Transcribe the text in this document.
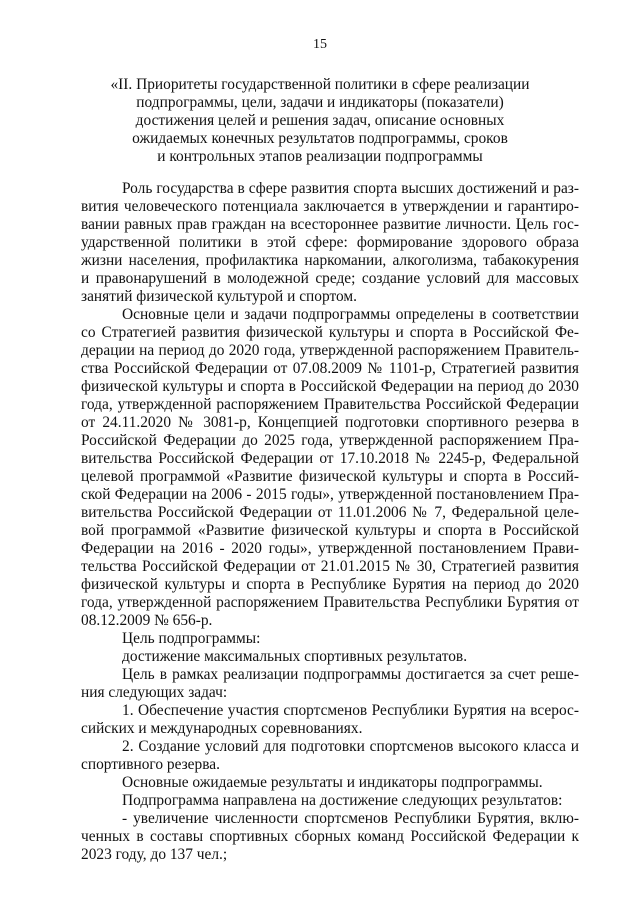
15
«II. Приоритеты государственной политики в сфере реализации
подпрограммы, цели, задачи и индикаторы (показатели)
достижения целей и решения задач, описание основных
ожидаемых конечных результатов подпрограммы, сроков
и контрольных этапов реализации подпрограммы
Роль государства в сфере развития спорта высших достижений и раз-
вития человеческого потенциала заключается в утверждении и гарантиро-
вании равных прав граждан на всестороннее развитие личности. Цель гос-
ударственной политики в этой сфере: формирование здорового образа
жизни населения, профилактика наркомании, алкоголизма, табакокурения
и правонарушений в молодежной среде; создание условий для массовых
занятий физической культурой и спортом.
Основные цели и задачи подпрограммы определены в соответствии
со Стратегией развития физической культуры и спорта в Российской Фе-
дерации на период до 2020 года, утвержденной распоряжением Правитель-
ства Российской Федерации от 07.08.2009 № 1101-р, Стратегией развития
физической культуры и спорта в Российской Федерации на период до 2030
года, утвержденной распоряжением Правительства Российской Федерации
от 24.11.2020 № 3081-р, Концепцией подготовки спортивного резерва в
Российской Федерации до 2025 года, утвержденной распоряжением Пра-
вительства Российской Федерации от 17.10.2018 № 2245-р, Федеральной
целевой программой «Развитие физической культуры и спорта в Россий-
ской Федерации на 2006 - 2015 годы», утвержденной постановлением Пра-
вительства Российской Федерации от 11.01.2006 № 7, Федеральной целе-
вой программой «Развитие физической культуры и спорта в Российской
Федерации на 2016 - 2020 годы», утвержденной постановлением Прави-
тельства Российской Федерации от 21.01.2015 № 30, Стратегией развития
физической культуры и спорта в Республике Бурятия на период до 2020
года, утвержденной распоряжением Правительства Республики Бурятия от
08.12.2009 № 656-р.
Цель подпрограммы:
достижение максимальных спортивных результатов.
Цель в рамках реализации подпрограммы достигается за счет реше-
ния следующих задач:
1. Обеспечение участия спортсменов Республики Бурятия на всерос-
сийских и международных соревнованиях.
2. Создание условий для подготовки спортсменов высокого класса и
спортивного резерва.
Основные ожидаемые результаты и индикаторы подпрограммы.
Подпрограмма направлена на достижение следующих результатов:
- увеличение численности спортсменов Республики Бурятия, вклю-
ченных в составы спортивных сборных команд Российской Федерации к
2023 году, до 137 чел.;
